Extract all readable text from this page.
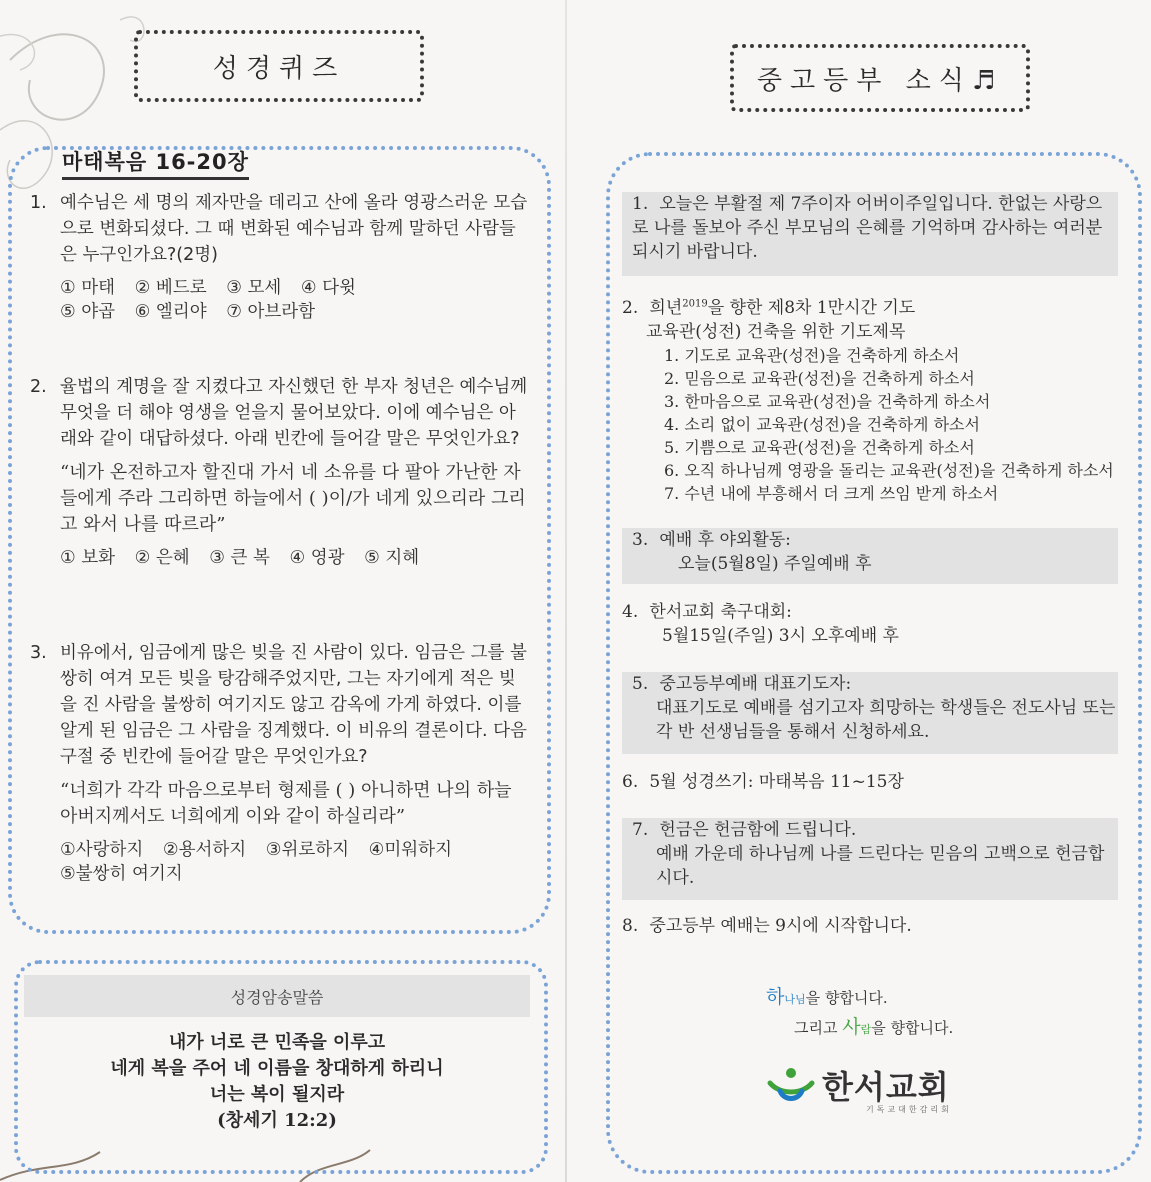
성경퀴즈
마태복음 16-20장
1. 예수님은 세 명의 제자만을 데리고 산에 올라 영광스러운 모습으로 변화되셨다. 그 때 변화된 예수님과 함께 말하던 사람들은 누구인가요?(2명)
① 마태 ② 베드로 ③ 모세 ④ 다윗
⑤ 야곱 ⑥ 엘리야 ⑦ 아브라함
2. 율법의 계명을 잘 지켰다고 자신했던 한 부자 청년은 예수님께 무엇을 더 해야 영생을 얻을지 물어보았다. 이에 예수님은 아래와 같이 대답하셨다. 아래 빈칸에 들어갈 말은 무엇인가요?
“네가 온전하고자 할진대 가서 네 소유를 다 팔아 가난한 자들에게 주라 그리하면 하늘에서 ( )이/가 네게 있으리라 그리고 와서 나를 따르라”
① 보화 ② 은혜 ③ 큰 복 ④ 영광 ⑤ 지혜
3. 비유에서, 임금에게 많은 빚을 진 사람이 있다. 임금은 그를 불쌍히 여겨 모든 빚을 탕감해주었지만, 그는 자기에게 적은 빚을 진 사람을 불쌍히 여기지도 않고 감옥에 가게 하였다. 이를 알게 된 임금은 그 사람을 징계했다. 이 비유의 결론이다. 다음 구절 중 빈칸에 들어갈 말은 무엇인가요?
“너희가 각각 마음으로부터 형제를 ( ) 아니하면 나의 하늘 아버지께서도 너희에게 이와 같이 하실리라”
①사랑하지 ②용서하지 ③위로하지 ④미워하지
⑤불쌍히 여기지
성경암송말씀
내가 너로 큰 민족을 이루고
네게 복을 주어 네 이름을 창대하게 하리니
너는 복이 될지라
(창세기 12:2)
중고등부 소식♬
1. 오늘은 부활절 제 7주이자 어버이주일입니다. 한없는 사랑으로 나를 돌보아 주신 부모님의 은혜를 기억하며 감사하는 여러분 되시기 바랍니다.
2. 희년$^{2019}$을 향한 제8차 1만시간 기도
교육관(성전) 건축을 위한 기도제목
1. 기도로 교육관(성전)을 건축하게 하소서
2. 믿음으로 교육관(성전)을 건축하게 하소서
3. 한마음으로 교육관(성전)을 건축하게 하소서
4. 소리 없이 교육관(성전)을 건축하게 하소서
5. 기쁨으로 교육관(성전)을 건축하게 하소서
6. 오직 하나님께 영광을 돌리는 교육관(성전)을 건축하게 하소서
7. 수년 내에 부흥해서 더 크게 쓰임 받게 하소서
3. 예배 후 야외활동:
오늘(5월8일) 주일예배 후
4. 한서교회 축구대회:
5월15일(주일) 3시 오후예배 후
5. 중고등부예배 대표기도자:
대표기도로 예배를 섬기고자 희망하는 학생들은 전도사님 또는 각 반 선생님들을 통해서 신청하세요.
6. 5월 성경쓰기: 마태복음 11~15장
7. 헌금은 헌금함에 드립니다.
예배 가운데 하나님께 나를 드린다는 믿음의 고백으로 헌금합시다.
8. 중고등부 예배는 9시에 시작합니다.
하나님을 향합니다.
그리고 사람을 향합니다.
한서교회
기독교대한감리회
